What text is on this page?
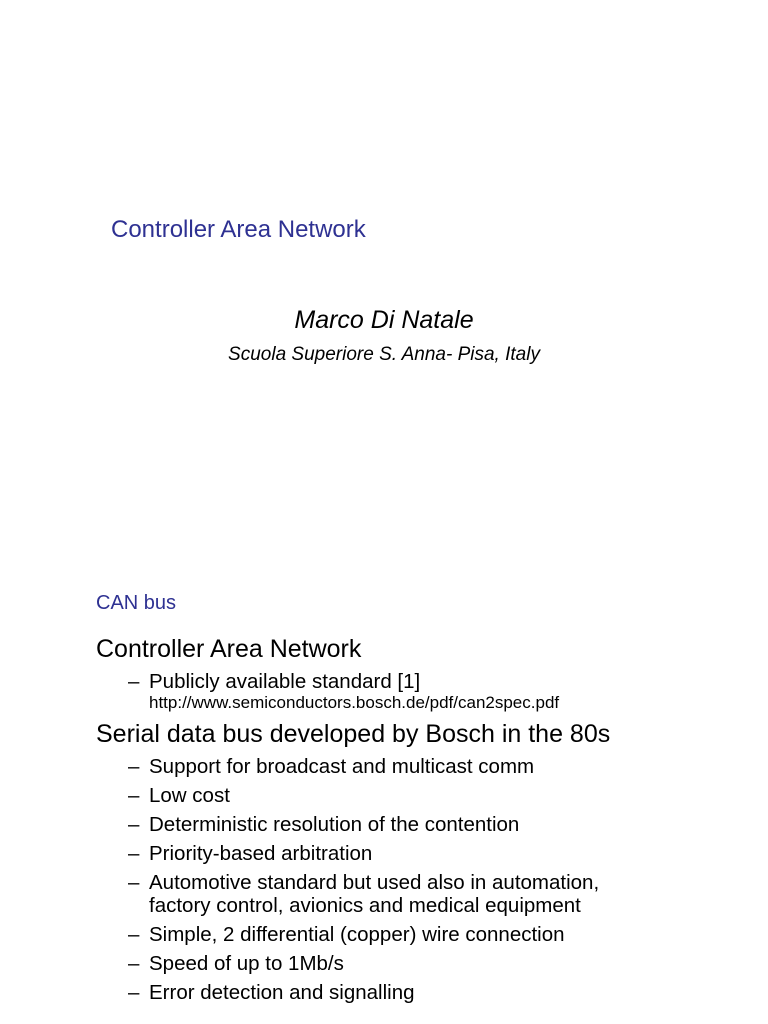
Controller Area Network
Marco Di Natale
Scuola Superiore S. Anna- Pisa, Italy
CAN bus

Controller Area Network

– Publicly available standard [1]
http://www.semiconductors.bosch.de/pdf/can2spec.pdf

Serial data bus developed by Bosch in the 80s

– Support for broadcast and multicast comm
– Low cost
– Deterministic resolution of the contention
– Priority-based arbitration
– Automotive standard but used also in automation,
factory control, avionics and medical equipment
– Simple, 2 differential (copper) wire connection
– Speed of up to 1Mb/s
– Error detection and signalling
